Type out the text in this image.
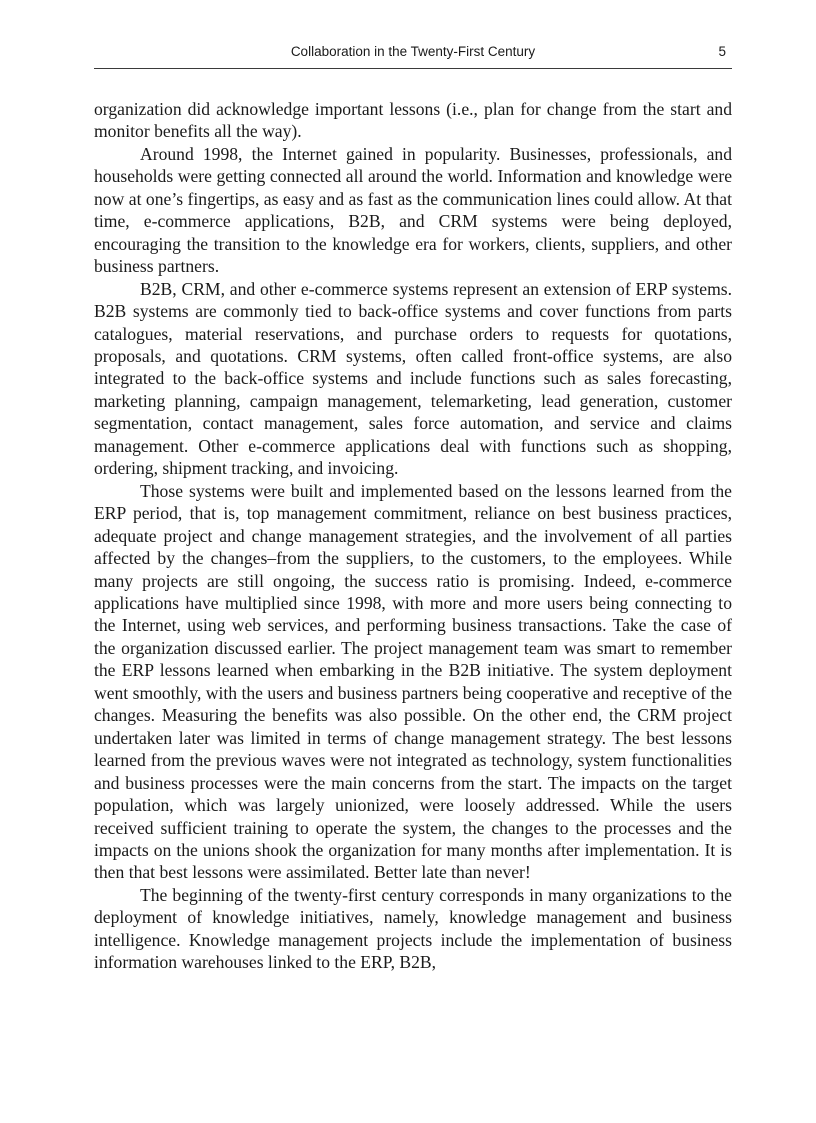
Collaboration in the Twenty-First Century	5

organization did acknowledge important lessons (i.e., plan for change from the start and monitor benefits all the way).

Around 1998, the Internet gained in popularity. Businesses, professionals, and households were getting connected all around the world. Information and knowledge were now at one’s fingertips, as easy and as fast as the communication lines could allow. At that time, e-commerce applications, B2B, and CRM systems were being deployed, encouraging the transition to the knowledge era for workers, clients, suppliers, and other business partners.

B2B, CRM, and other e-commerce systems represent an extension of ERP systems. B2B systems are commonly tied to back-office systems and cover functions from parts catalogues, material reservations, and purchase orders to requests for quotations, proposals, and quotations. CRM systems, often called front-office systems, are also integrated to the back-office systems and include functions such as sales forecasting, marketing planning, campaign management, telemarketing, lead generation, customer segmentation, contact management, sales force automation, and service and claims management. Other e-commerce applications deal with functions such as shopping, ordering, shipment tracking, and invoicing.

Those systems were built and implemented based on the lessons learned from the ERP period, that is, top management commitment, reliance on best business practices, adequate project and change management strategies, and the involvement of all parties affected by the changes–from the suppliers, to the customers, to the employees. While many projects are still ongoing, the success ratio is promising. Indeed, e-commerce applications have multiplied since 1998, with more and more users being connecting to the Internet, using web services, and performing business transactions. Take the case of the organization discussed earlier. The project management team was smart to remember the ERP lessons learned when embarking in the B2B initiative. The system deployment went smoothly, with the users and business partners being cooperative and receptive of the changes. Measuring the benefits was also possible. On the other end, the CRM project undertaken later was limited in terms of change management strategy. The best lessons learned from the previous waves were not integrated as technology, system functionalities and business processes were the main concerns from the start. The impacts on the target population, which was largely unionized, were loosely addressed. While the users received sufficient training to operate the system, the changes to the processes and the impacts on the unions shook the organization for many months after implementation. It is then that best lessons were assimilated. Better late than never!

The beginning of the twenty-first century corresponds in many organizations to the deployment of knowledge initiatives, namely, knowledge management and business intelligence. Knowledge management projects include the implementation of business information warehouses linked to the ERP, B2B,
